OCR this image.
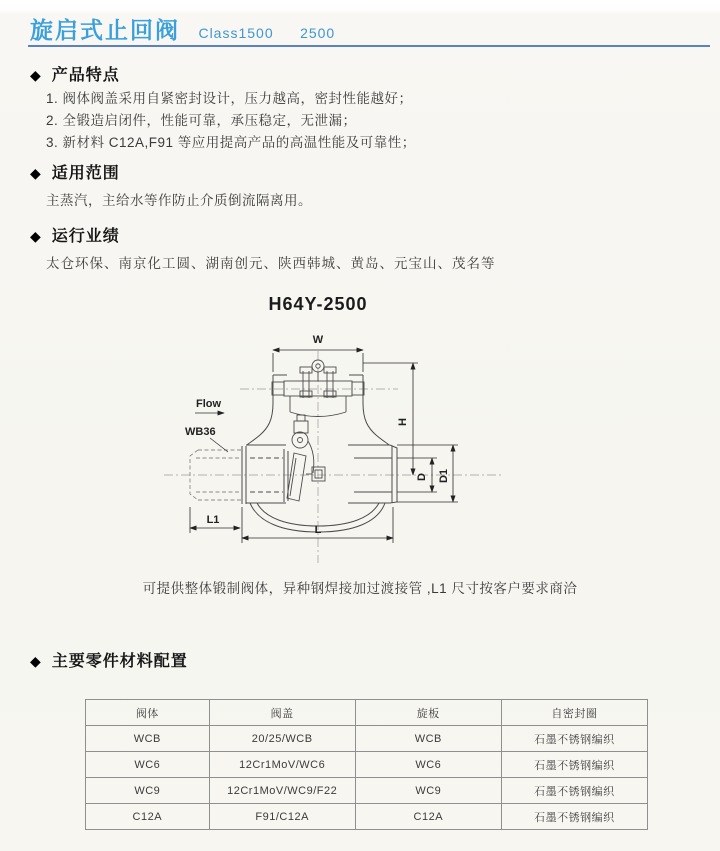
旋启式止回阀 Class1500 2500
◆ 产品特点
1. 阀体阀盖采用自紧密封设计，压力越高，密封性能越好；
2. 全锻造启闭件，性能可靠，承压稳定，无泄漏；
3. 新材料 C12A,F91 等应用提高产品的高温性能及可靠性；
◆ 适用范围
主蒸汽，主给水等作防止介质倒流隔离用。
◆ 运行业绩
太仓环保、南京化工圆、湖南创元、陕西韩城、黄岛、元宝山、茂名等
H64Y-2500
W
H
D D1
L
L1
Flow
WB36
可提供整体锻制阀体，异种钢焊接加过渡接管 ,L1 尺寸按客户要求商洽
◆ 主要零件材料配置
阀体	阀盖	旋板	自密封圈
WCB	20/25/WCB	WCB	石墨不锈钢编织
WC6	12Cr1MoV/WC6	WC6	石墨不锈钢编织
WC9	12Cr1MoV/WC9/F22	WC9	石墨不锈钢编织
C12A	F91/C12A	C12A	石墨不锈钢编织
